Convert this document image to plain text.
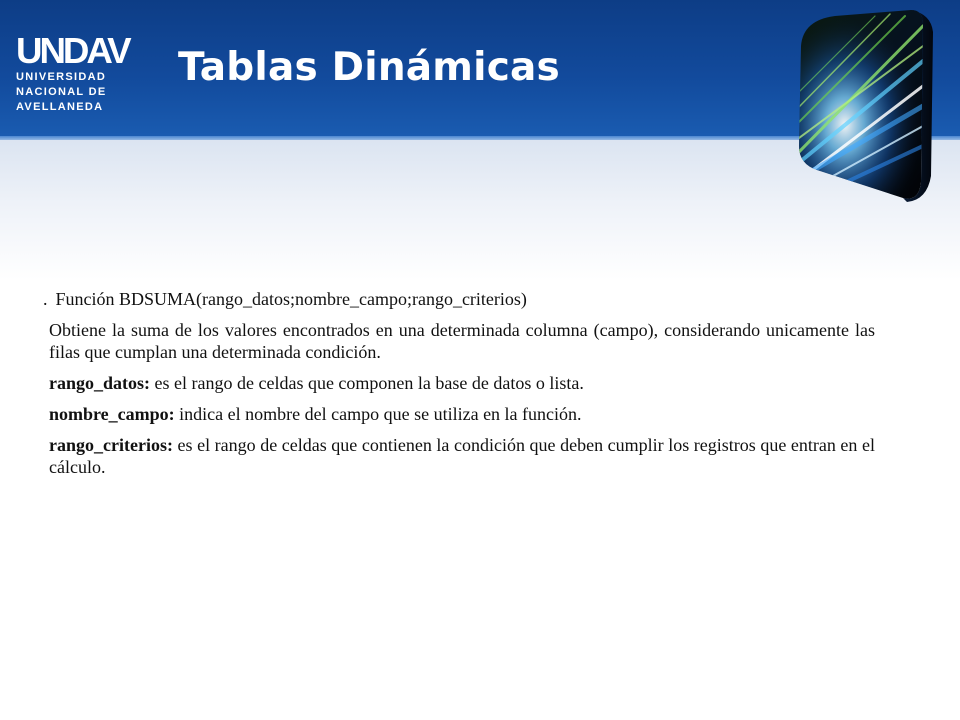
UNDAV
UNIVERSIDAD
NACIONAL DE
AVELLANEDA
Tablas Dinámicas

. Función BDSUMA(rango_datos;nombre_campo;rango_criterios)

Obtiene la suma de los valores encontrados en una determinada columna (campo), considerando unicamente las filas que cumplan una determinada condición.

rango_datos: es el rango de celdas que componen la base de datos o lista.

nombre_campo: indica el nombre del campo que se utiliza en la función.

rango_criterios: es el rango de celdas que contienen la condición que deben cumplir los registros que entran en el cálculo.
